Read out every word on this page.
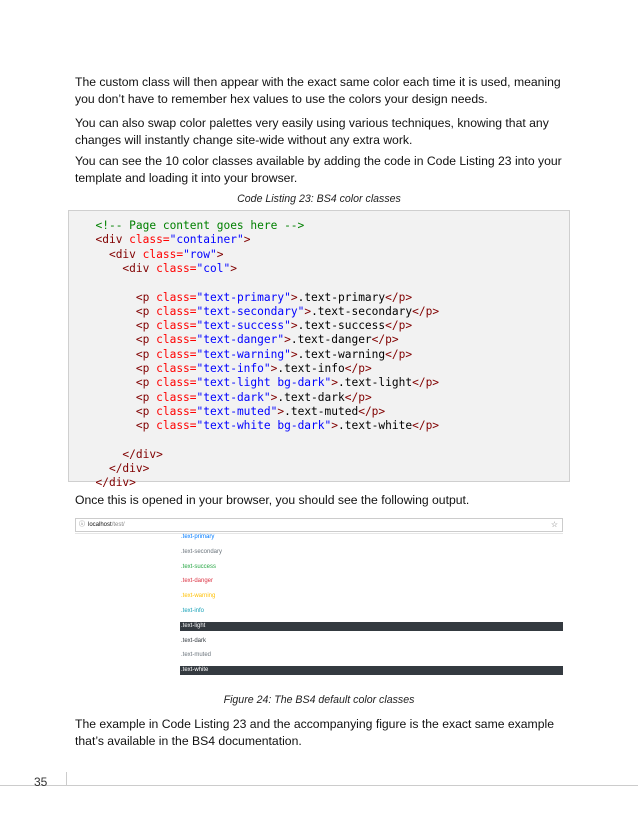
The custom class will then appear with the exact same color each time it is used, meaning you don’t have to remember hex values to use the colors your design needs.

You can also swap color palettes very easily using various techniques, knowing that any changes will instantly change site-wide without any extra work.

You can see the 10 color classes available by adding the code in Code Listing 23 into your template and loading it into your browser.

Code Listing 23: BS4 color classes
<!-- Page content goes here -->
<div class="container">
<div class="row">
<div class="col">
<p class="text-primary">.text-primary</p>
<p class="text-secondary">.text-secondary</p>
<p class="text-success">.text-success</p>
<p class="text-danger">.text-danger</p>
<p class="text-warning">.text-warning</p>
<p class="text-info">.text-info</p>
<p class="text-light bg-dark">.text-light</p>
<p class="text-dark">.text-dark</p>
<p class="text-muted">.text-muted</p>
<p class="text-white bg-dark">.text-white</p>
</div>
</div>
</div>

Once this is opened in your browser, you should see the following output.

ⓘ localhost/test/	☆
.text-primary
.text-secondary
.text-success
.text-danger
.text-warning
.text-info
.text-light
.text-dark
.text-muted
.text-white
Figure 24: The BS4 default color classes

The example in Code Listing 23 and the accompanying figure is the exact same example that’s available in the BS4 documentation.

35
